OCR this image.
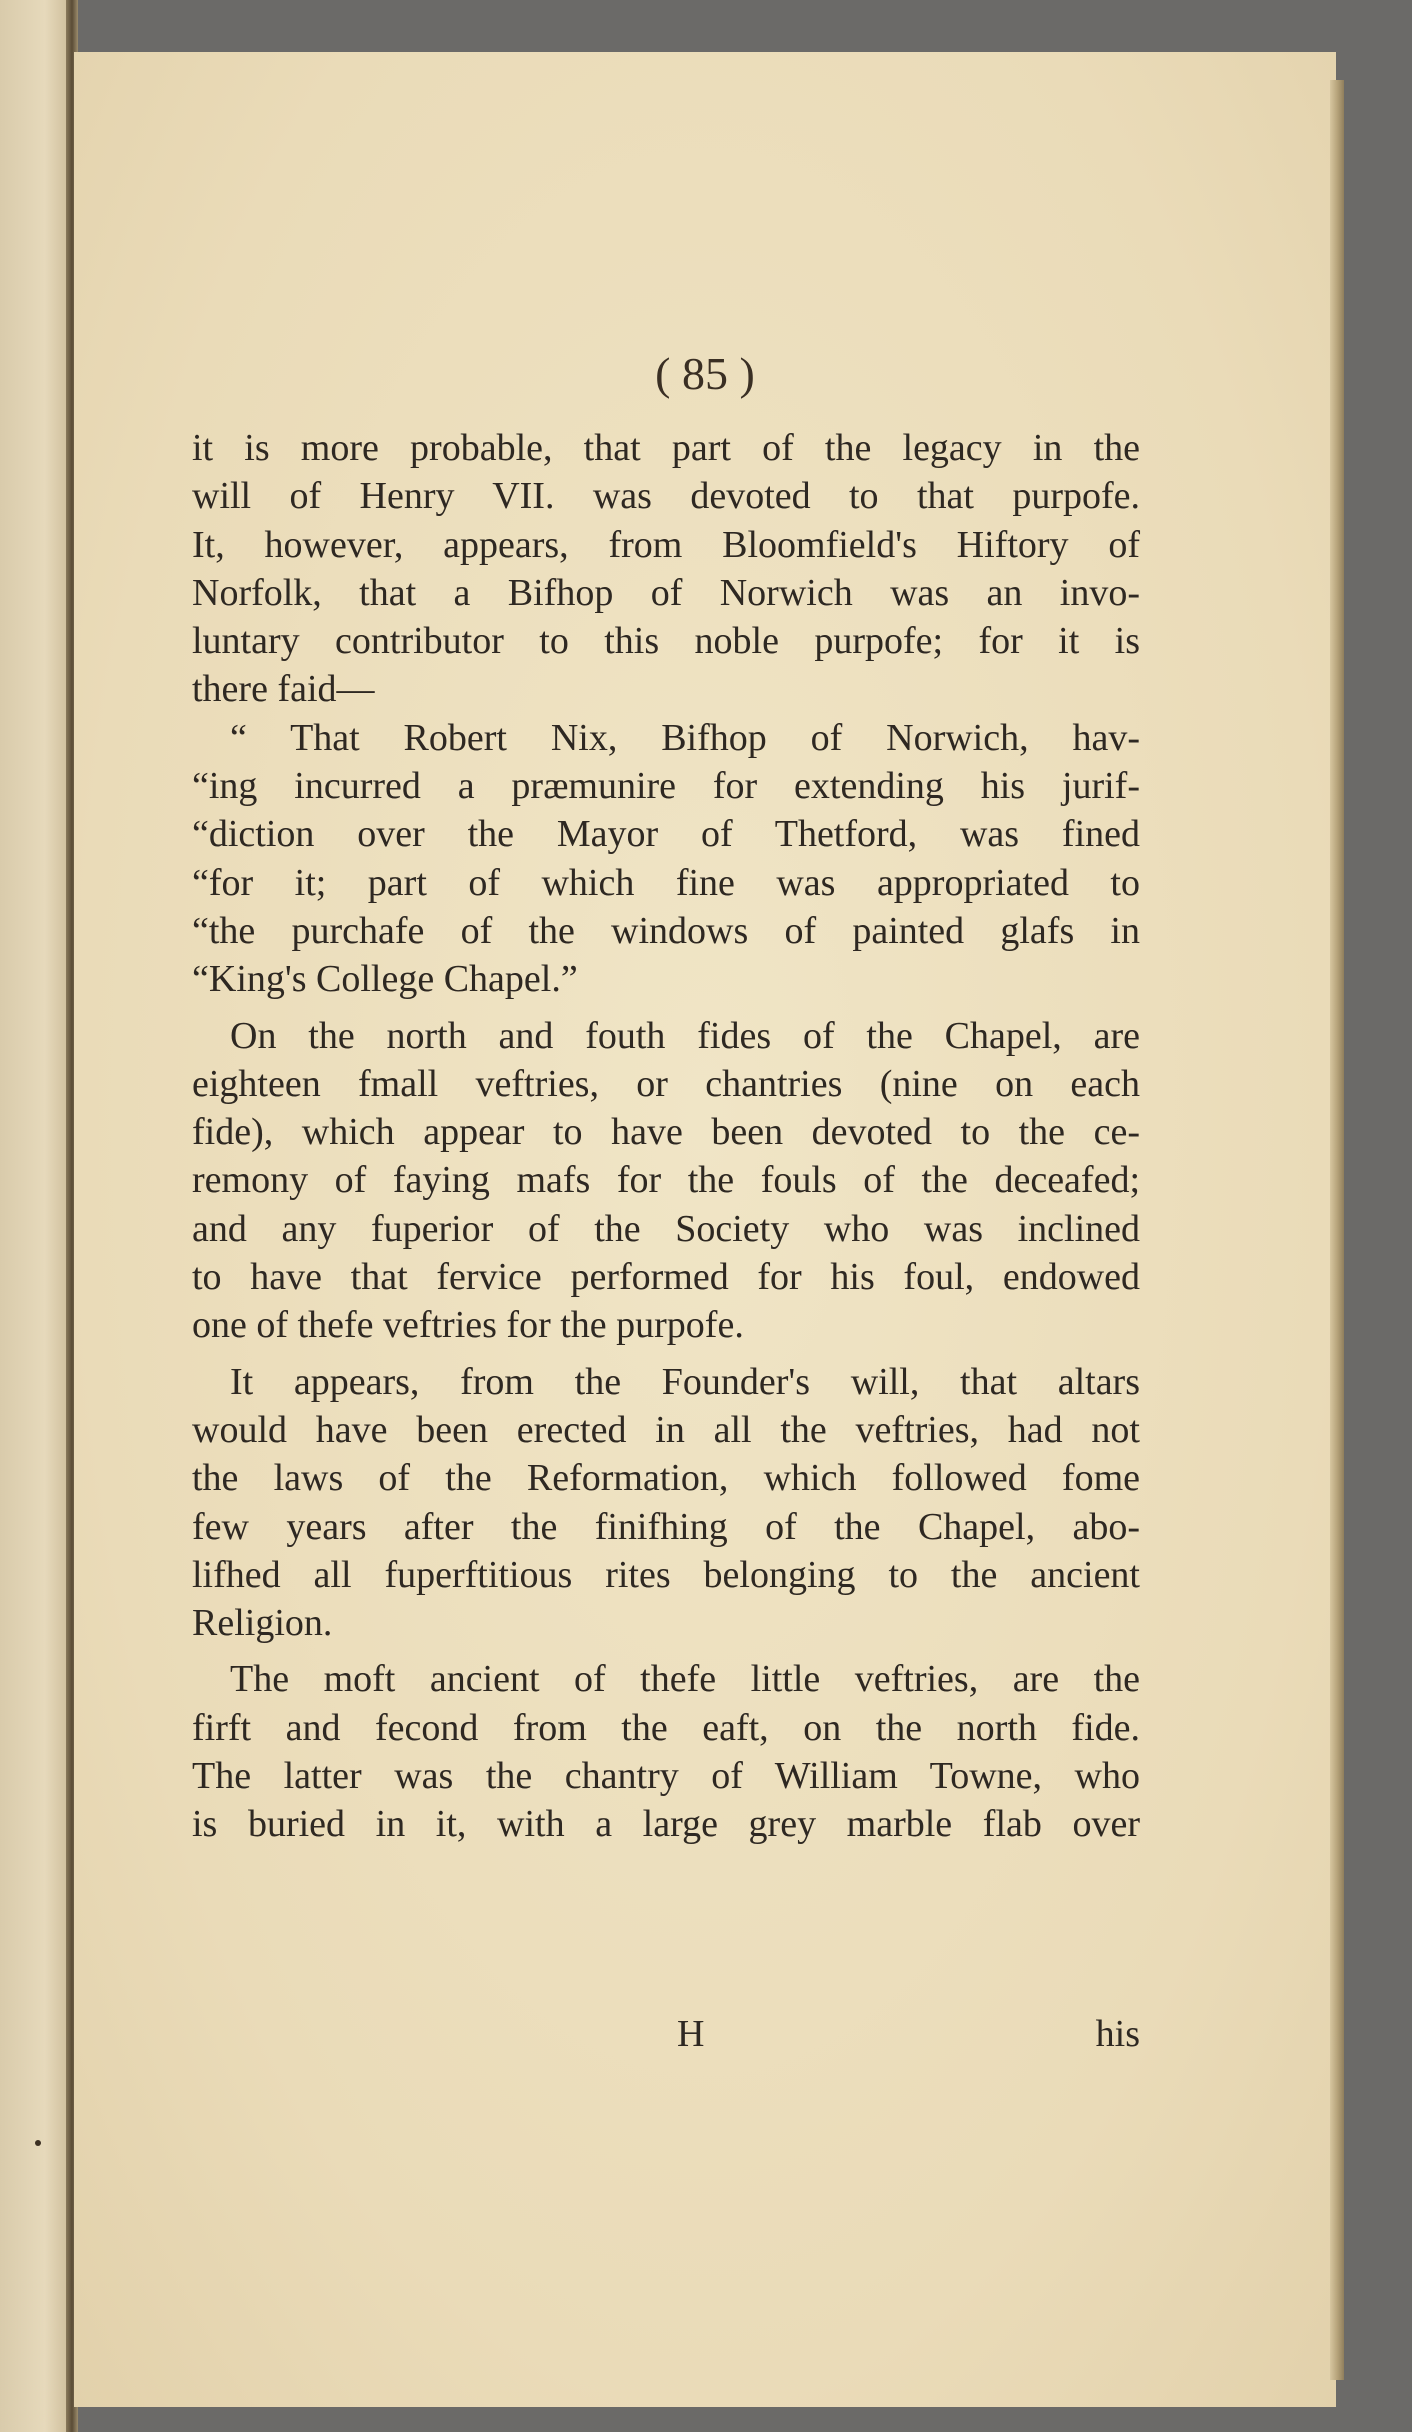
( 85 )

it is more probable, that part of the legacy in the

will of Henry VII. was devoted to that purpofe.

It, however, appears, from Bloomfield's Hiftory of

Norfolk, that a Bifhop of Norwich was an invo-

luntary contributor to this noble purpofe; for it is

there faid—

“ That Robert Nix, Bifhop of Norwich, hav-

“ing incurred a præmunire for extending his jurif-

“diction over the Mayor of Thetford, was fined

“for it; part of which fine was appropriated to

“the purchafe of the windows of painted glafs in

“King's College Chapel.”

On the north and fouth fides of the Chapel, are

eighteen fmall veftries, or chantries (nine on each

fide), which appear to have been devoted to the ce-

remony of faying mafs for the fouls of the deceafed;

and any fuperior of the Society who was inclined

to have that fervice performed for his foul, endowed

one of thefe veftries for the purpofe.

It appears, from the Founder's will, that altars

would have been erected in all the veftries, had not

the laws of the Reformation, which followed fome

few years after the finifhing of the Chapel, abo-

lifhed all fuperftitious rites belonging to the ancient

Religion.

The moft ancient of thefe little veftries, are the

firft and fecond from the eaft, on the north fide.

The latter was the chantry of William Towne, who

is buried in it, with a large grey marble flab over

H	his
